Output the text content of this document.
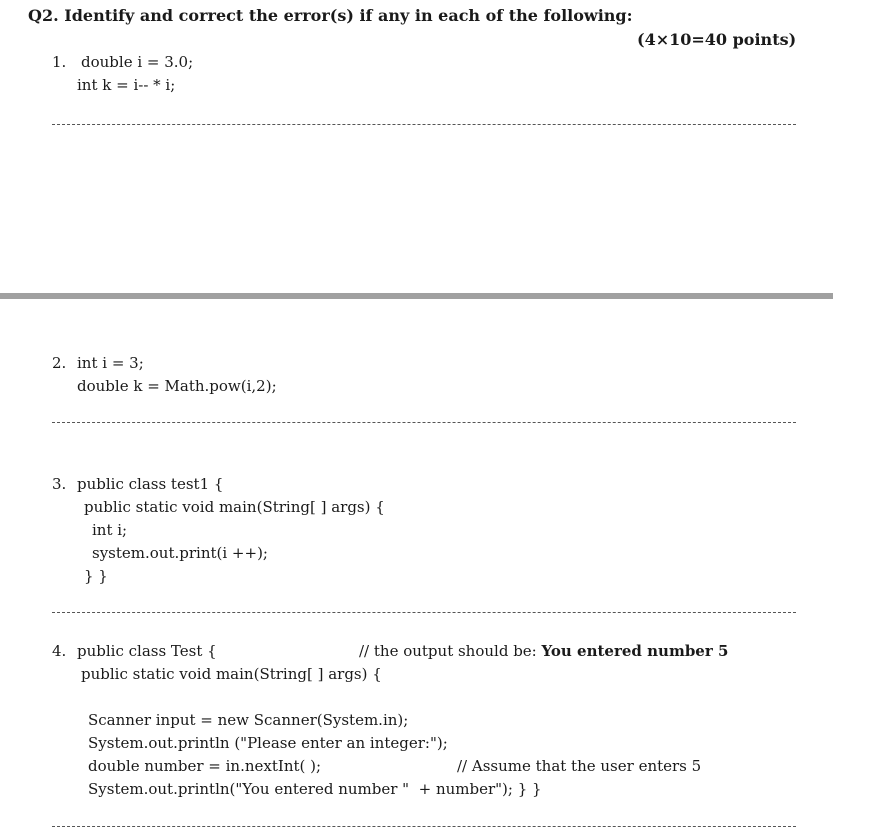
Q2. Identify and correct the error(s) if any in each of the following:
(4×10=40 points)
1. double i = 3.0;
int k = i-- * i;
2. int i = 3;
double k = Math.pow(i,2);
3. public class test1 {
public static void main(String[ ] args) {
int i;
system.out.print(i ++);
} }
4. public class Test {	// the output should be: You entered number 5
public static void main(String[ ] args) {
Scanner input = new Scanner(System.in);
System.out.println ("Please enter an integer:");
double number = in.nextInt( );	// Assume that the user enters 5
System.out.println("You entered number "  + number"); } }
